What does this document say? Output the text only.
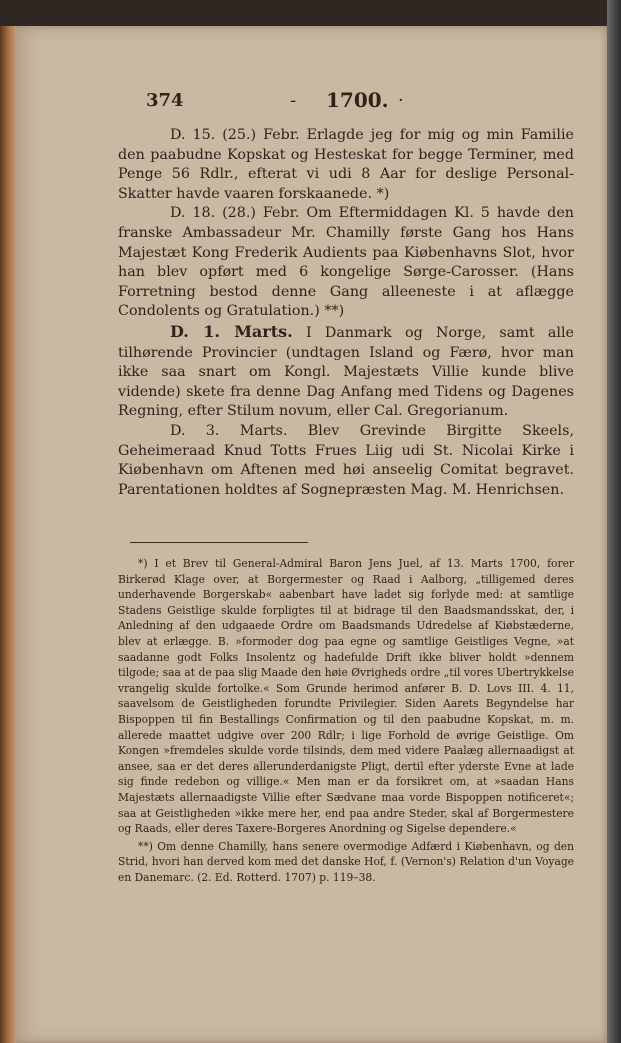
374	- 1700. ·

D. 15. (25.) Febr. Erlagde jeg for mig og min Familie den paabudne Kopskat og Hesteskat for begge Terminer, med Penge 56 Rdlr., efterat vi udi 8 Aar for deslige Personal-Skatter havde vaaren forskaanede. *)

D. 18. (28.) Febr. Om Eftermiddagen Kl. 5 havde den franske Ambassadeur Mr. Chamilly første Gang hos Hans Majestæt Kong Frederik Audients paa Kiøbenhavns Slot, hvor han blev opført med 6 kongelige Sørge-Carosser. (Hans Forretning bestod denne Gang alleeneste i at aflægge Condolents og Gratulation.) **)

D. 1. Marts. I Danmark og Norge, samt alle tilhørende Provincier (undtagen Island og Færø, hvor man ikke saa snart om Kongl. Majestæts Villie kunde blive vidende) skete fra denne Dag Anfang med Tidens og Dagenes Regning, efter Stilum novum, eller Cal. Gregorianum.

D. 3. Marts. Blev Grevinde Birgitte Skeels, Geheimeraad Knud Totts Frues Liig udi St. Nicolai Kirke i Kiøbenhavn om Aftenen med høi anseelig Comitat begravet. Parentationen holdtes af Sognepræsten Mag. M. Henrichsen.

*) I et Brev til General-Admiral Baron Jens Juel, af 13. Marts 1700, forer Birkerød Klage over, at Borgermester og Raad i Aalborg, „tilligemed deres underhavende Borgerskab« aabenbart have ladet sig forlyde med: at samtlige Stadens Geistlige skulde forpligtes til at bidrage til den Baadsmandsskat, der, i Anledning af den udgaaede Ordre om Baadsmands Udredelse af Kiøbstæderne, blev at erlægge. B. »formoder dog paa egne og samtlige Geistliges Vegne, »at saadanne godt Folks Insolentz og hadefulde Drift ikke bliver holdt »dennem tilgode; saa at de paa slig Maade den høie Øvrigheds ordre „til vores Ubertrykkelse vrangelig skulde fortolke.« Som Grunde herimod anfører B. D. Lovs III. 4. 11, saavelsom de Geistligheden forundte Privilegier. Siden Aarets Begyndelse har Bispoppen til fin Bestallings Confirmation og til den paabudne Kopskat, m. m. allerede maattet udgive over 200 Rdlr; i lige Forhold de øvrige Geistlige. Om Kongen »fremdeles skulde vorde tilsinds, dem med videre Paalæg allernaadigst at ansee, saa er det deres allerunderdanigste Pligt, dertil efter yderste Evne at lade sig finde redebon og villige.« Men man er da forsikret om, at »saadan Hans Majestæts allernaadigste Villie efter Sædvane maa vorde Bispoppen notificeret«; saa at Geistligheden »ikke mere her, end paa andre Steder, skal af Borgermestere og Raads, eller deres Taxere-Borgeres Anordning og Sigelse dependere.«

**) Om denne Chamilly, hans senere overmodige Adfærd i Kiøbenhavn, og den Strid, hvori han derved kom med det danske Hof, f. (Vernon's) Relation d'un Voyage en Danemarc. (2. Ed. Rotterd. 1707) p. 119–38.
